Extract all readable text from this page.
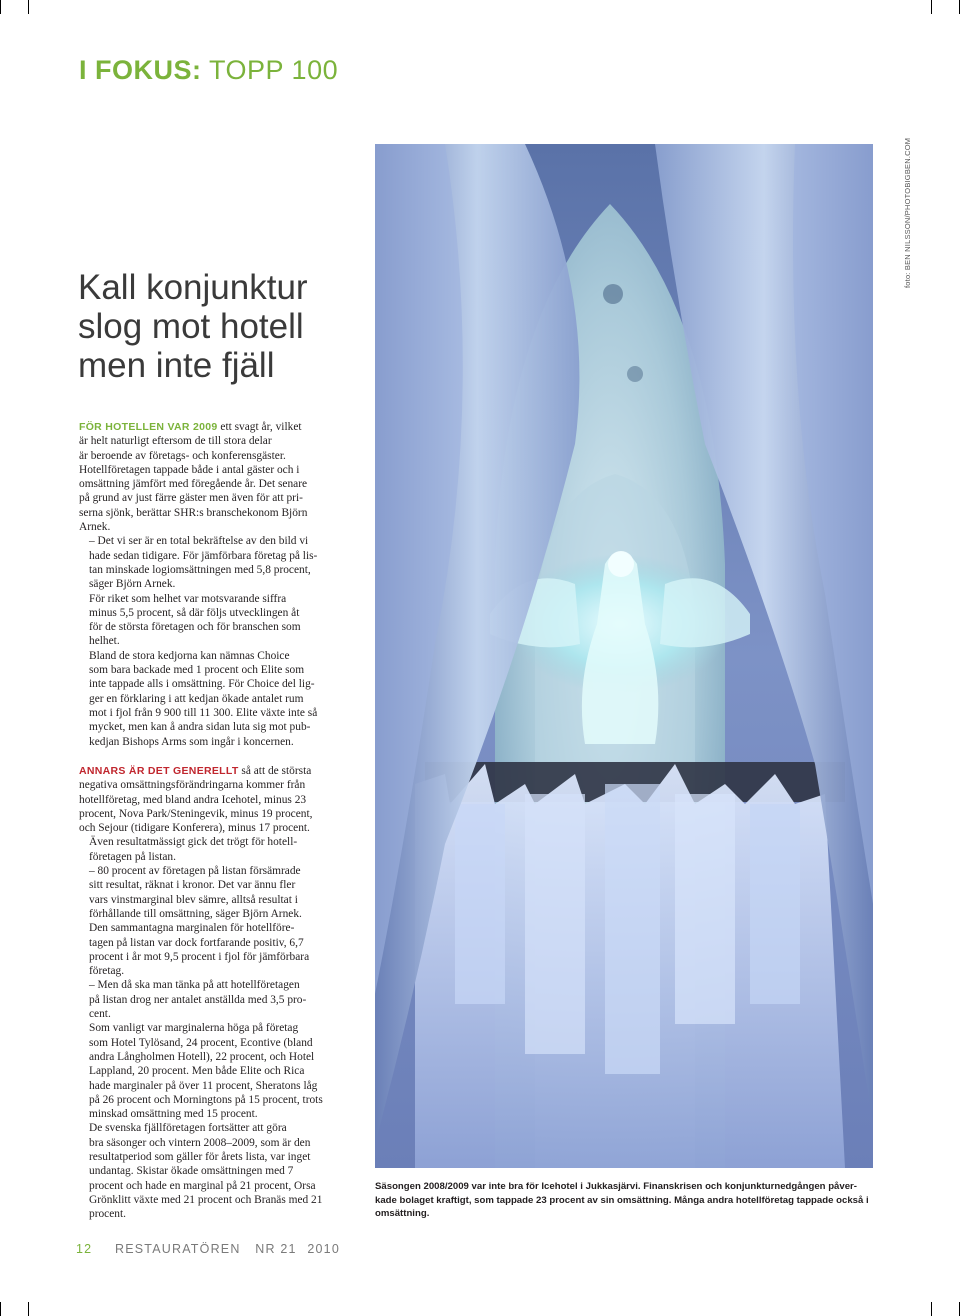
I FOKUS: TOPP 100
Kall konjunktur
slog mot hotell
men inte fjäll

FÖR HOTELLEN VAR 2009 ett svagt år, vilket
är helt naturligt eftersom de till stora delar
är beroende av företags- och konferensgäster.
Hotellföretagen tappade både i antal gäster och i
omsättning jämfört med föregående år. Det senare
på grund av just färre gäster men även för att pri-
serna sjönk, berättar SHR:s branschekonom Björn
Arnek.

– Det vi ser är en total bekräftelse av den bild vi
hade sedan tidigare. För jämförbara företag på lis-
tan minskade logiomsättningen med 5,8 procent,
säger Björn Arnek.

För riket som helhet var motsvarande siffra
minus 5,5 procent, så där följs utvecklingen åt
för de största företagen och för branschen som
helhet.

Bland de stora kedjorna kan nämnas Choice
som bara backade med 1 procent och Elite som
inte tappade alls i omsättning. För Choice del lig-
ger en förklaring i att kedjan ökade antalet rum
mot i fjol från 9 900 till 11 300. Elite växte inte så
mycket, men kan å andra sidan luta sig mot pub-
kedjan Bishops Arms som ingår i koncernen.

ANNARS ÄR DET GENERELLT så att de största
negativa omsättningsförändringarna kommer från
hotellföretag, med bland andra Icehotel, minus 23
procent, Nova Park/Steningevik, minus 19 procent,
och Sejour (tidigare Konferera), minus 17 procent.

Även resultatmässigt gick det trögt för hotell-
företagen på listan.

– 80 procent av företagen på listan försämrade
sitt resultat, räknat i kronor. Det var ännu fler
vars vinstmarginal blev sämre, alltså resultat i
förhållande till omsättning, säger Björn Arnek.

Den sammantagna marginalen för hotellföre-
tagen på listan var dock fortfarande positiv, 6,7
procent i år mot 9,5 procent i fjol för jämförbara
företag.

– Men då ska man tänka på att hotellföretagen
på listan drog ner antalet anställda med 3,5 pro-
cent.

Som vanligt var marginalerna höga på företag
som Hotel Tylösand, 24 procent, Econtive (bland
andra Långholmen Hotell), 22 procent, och Hotel
Lappland, 20 procent. Men både Elite och Rica
hade marginaler på över 11 procent, Sheratons låg
på 26 procent och Morningtons på 15 procent, trots
minskad omsättning med 15 procent.

De svenska fjällföretagen fortsätter att göra
bra säsonger och vintern 2008–2009, som är den
resultatperiod som gäller för årets lista, var inget
undantag. Skistar ökade omsättningen med 7
procent och hade en marginal på 21 procent, Orsa
Grönklitt växte med 21 procent och Branäs med 21
procent.

foto: BEN NILSSON/PHOTOBIGBEN.COM
Säsongen 2008/2009 var inte bra för Icehotel i Jukkasjärvi. Finanskrisen och konjunkturnedgången påver-
kade bolaget kraftigt, som tappade 23 procent av sin omsättning. Många andra hotellföretag tappade också i
omsättning.
12 RESTAURATÖREN NR 21 2010
